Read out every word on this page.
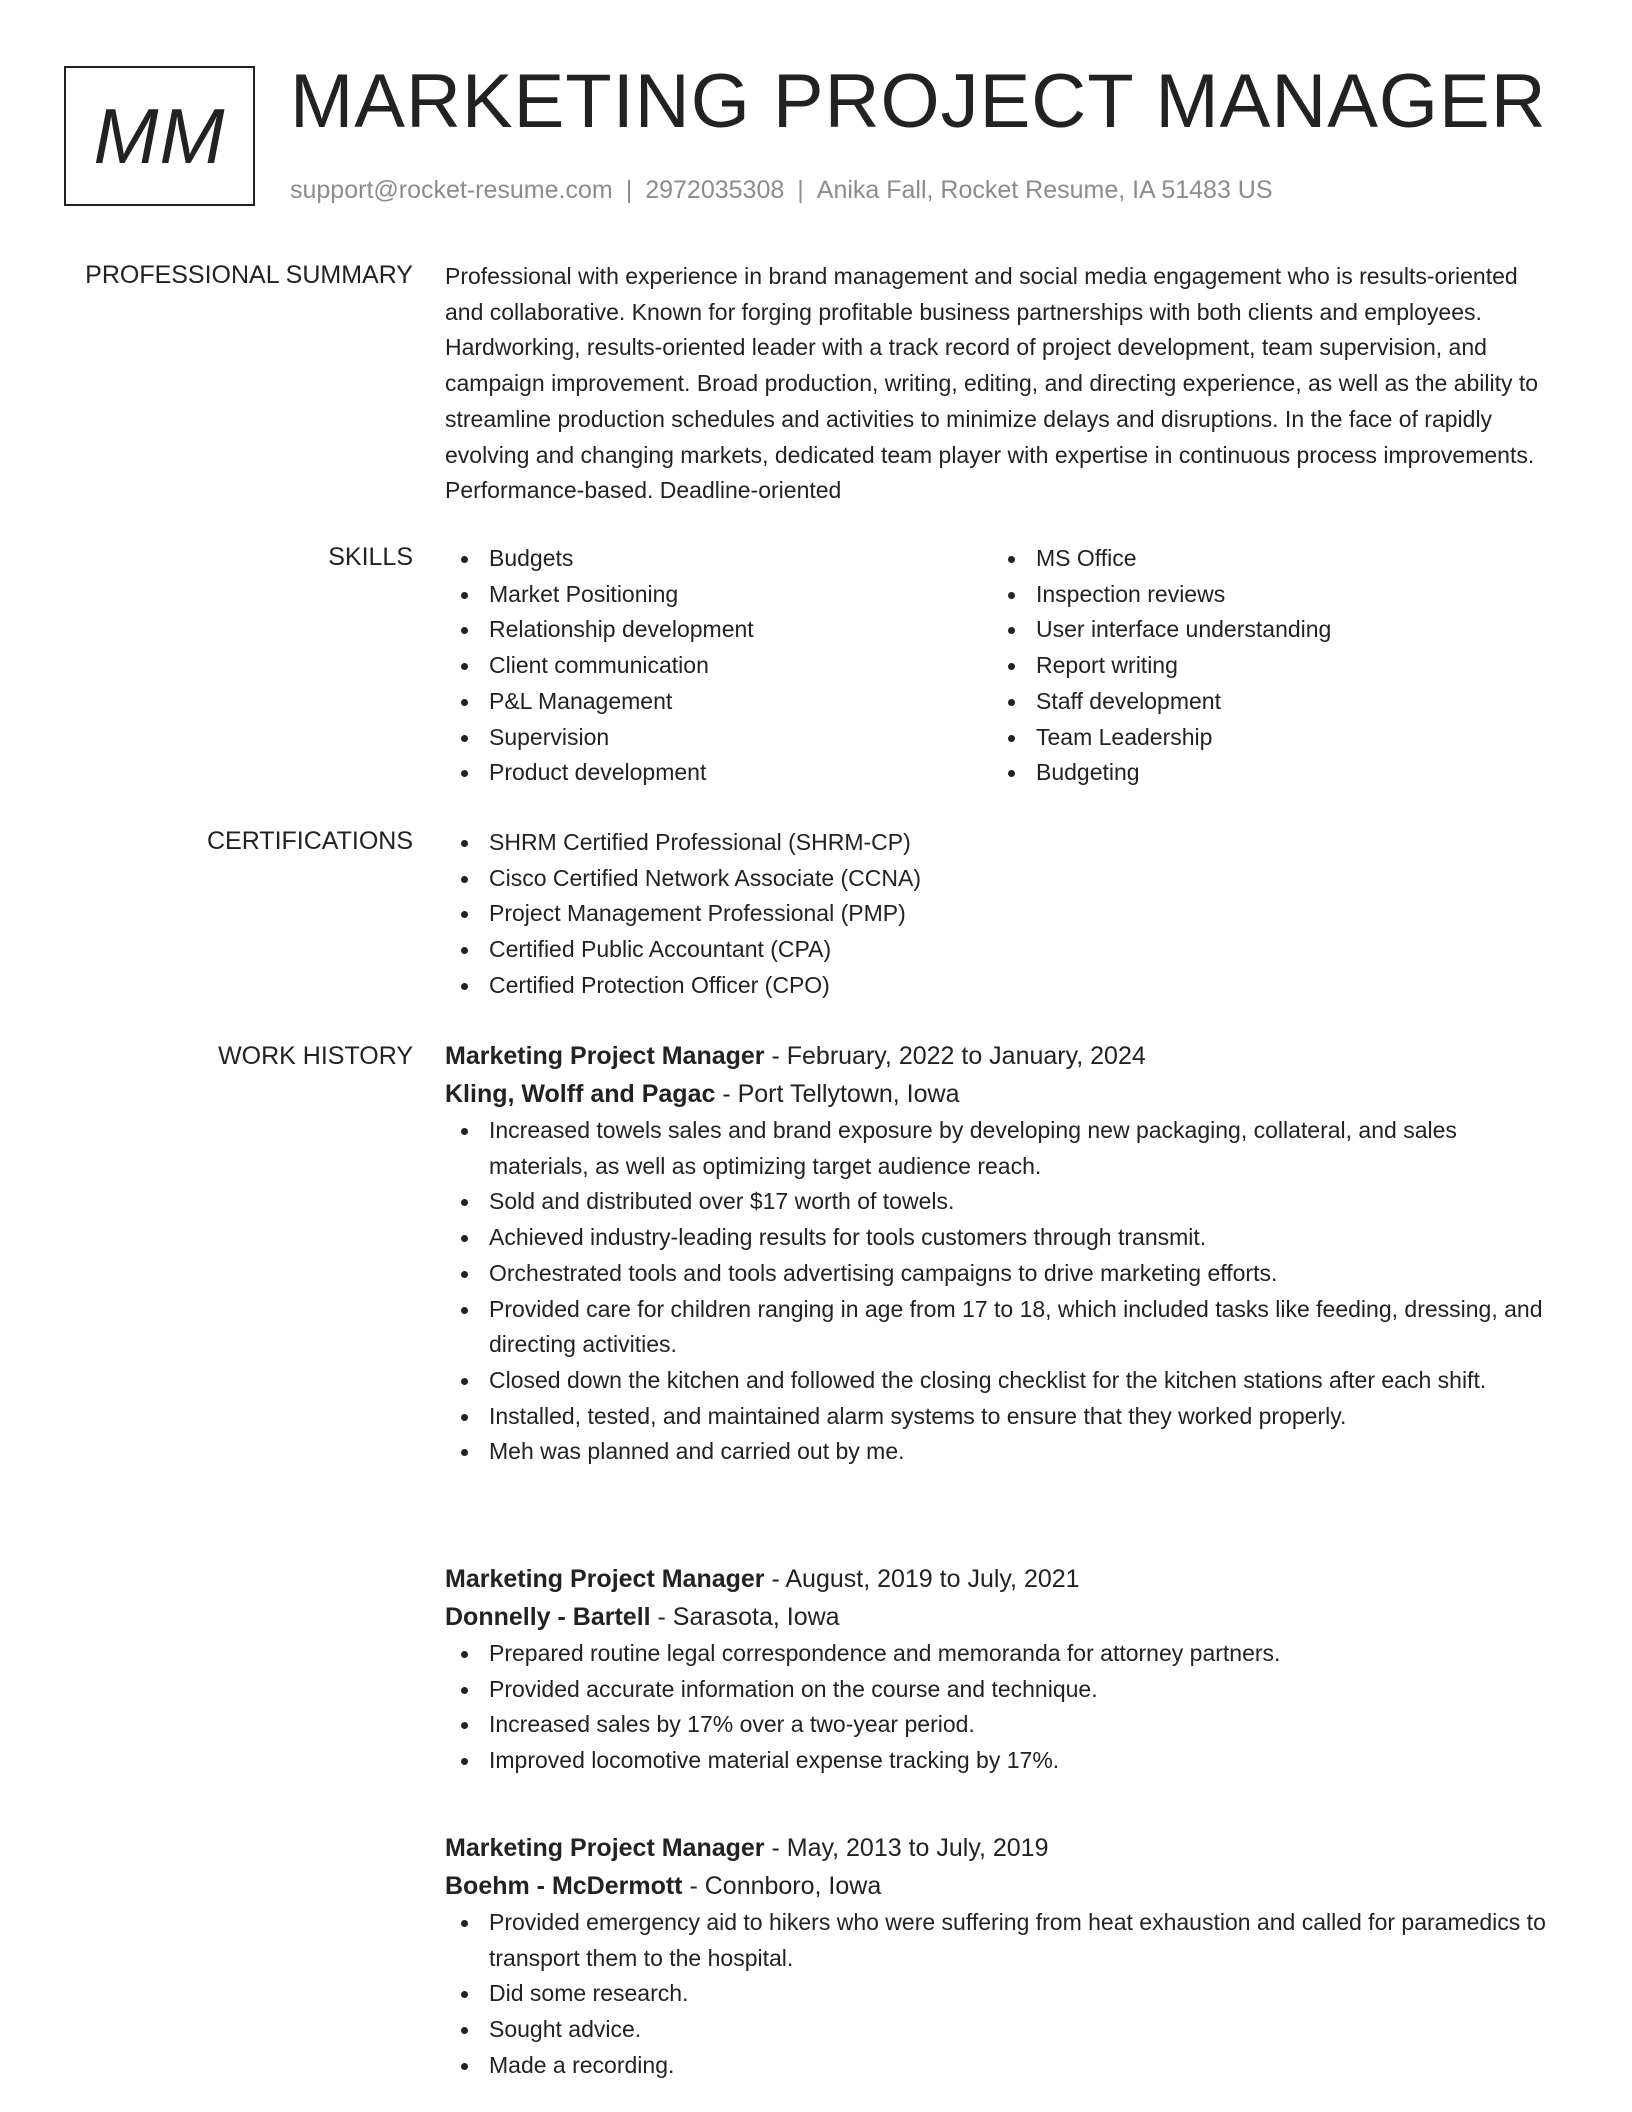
MM MARKETING PROJECT MANAGER
support@rocket-resume.com | 2972035308 | Anika Fall, Rocket Resume, IA 51483 US
PROFESSIONAL SUMMARY Professional with experience in brand management and social media engagement who is results-oriented and collaborative. Known for forging profitable business partnerships with both clients and employees. Hardworking, results-oriented leader with a track record of project development, team supervision, and campaign improvement. Broad production, writing, editing, and directing experience, as well as the ability to streamline production schedules and activities to minimize delays and disruptions. In the face of rapidly evolving and changing markets, dedicated team player with expertise in continuous process improvements. Performance-based. Deadline-oriented

SKILLS	Budgets
Market Positioning
Relationship development
Client communication
P&L Management
Supervision
Product development
MS Office
Inspection reviews
User interface understanding
Report writing
Staff development
Team Leadership
Budgeting
CERTIFICATIONS	SHRM Certified Professional (SHRM-CP)
Cisco Certified Network Associate (CCNA)
Project Management Professional (PMP)
Certified Public Accountant (CPA)
Certified Protection Officer (CPO)
WORK HISTORY Marketing Project Manager - February, 2022 to January, 2024
Kling, Wolff and Pagac - Port Tellytown, Iowa
Increased towels sales and brand exposure by developing new packaging, collateral, and sales materials, as well as optimizing target audience reach.
Sold and distributed over $17 worth of towels.
Achieved industry-leading results for tools customers through transmit.
Orchestrated tools and tools advertising campaigns to drive marketing efforts.
Provided care for children ranging in age from 17 to 18, which included tasks like feeding, dressing, and directing activities.
Closed down the kitchen and followed the closing checklist for the kitchen stations after each shift.
Installed, tested, and maintained alarm systems to ensure that they worked properly.
Meh was planned and carried out by me.
Marketing Project Manager - August, 2019 to July, 2021
Donnelly - Bartell - Sarasota, Iowa
Prepared routine legal correspondence and memoranda for attorney partners.
Provided accurate information on the course and technique.
Increased sales by 17% over a two-year period.
Improved locomotive material expense tracking by 17%.
Marketing Project Manager - May, 2013 to July, 2019
Boehm - McDermott - Connboro, Iowa
Provided emergency aid to hikers who were suffering from heat exhaustion and called for paramedics to transport them to the hospital.
Did some research.
Sought advice.
Made a recording.
